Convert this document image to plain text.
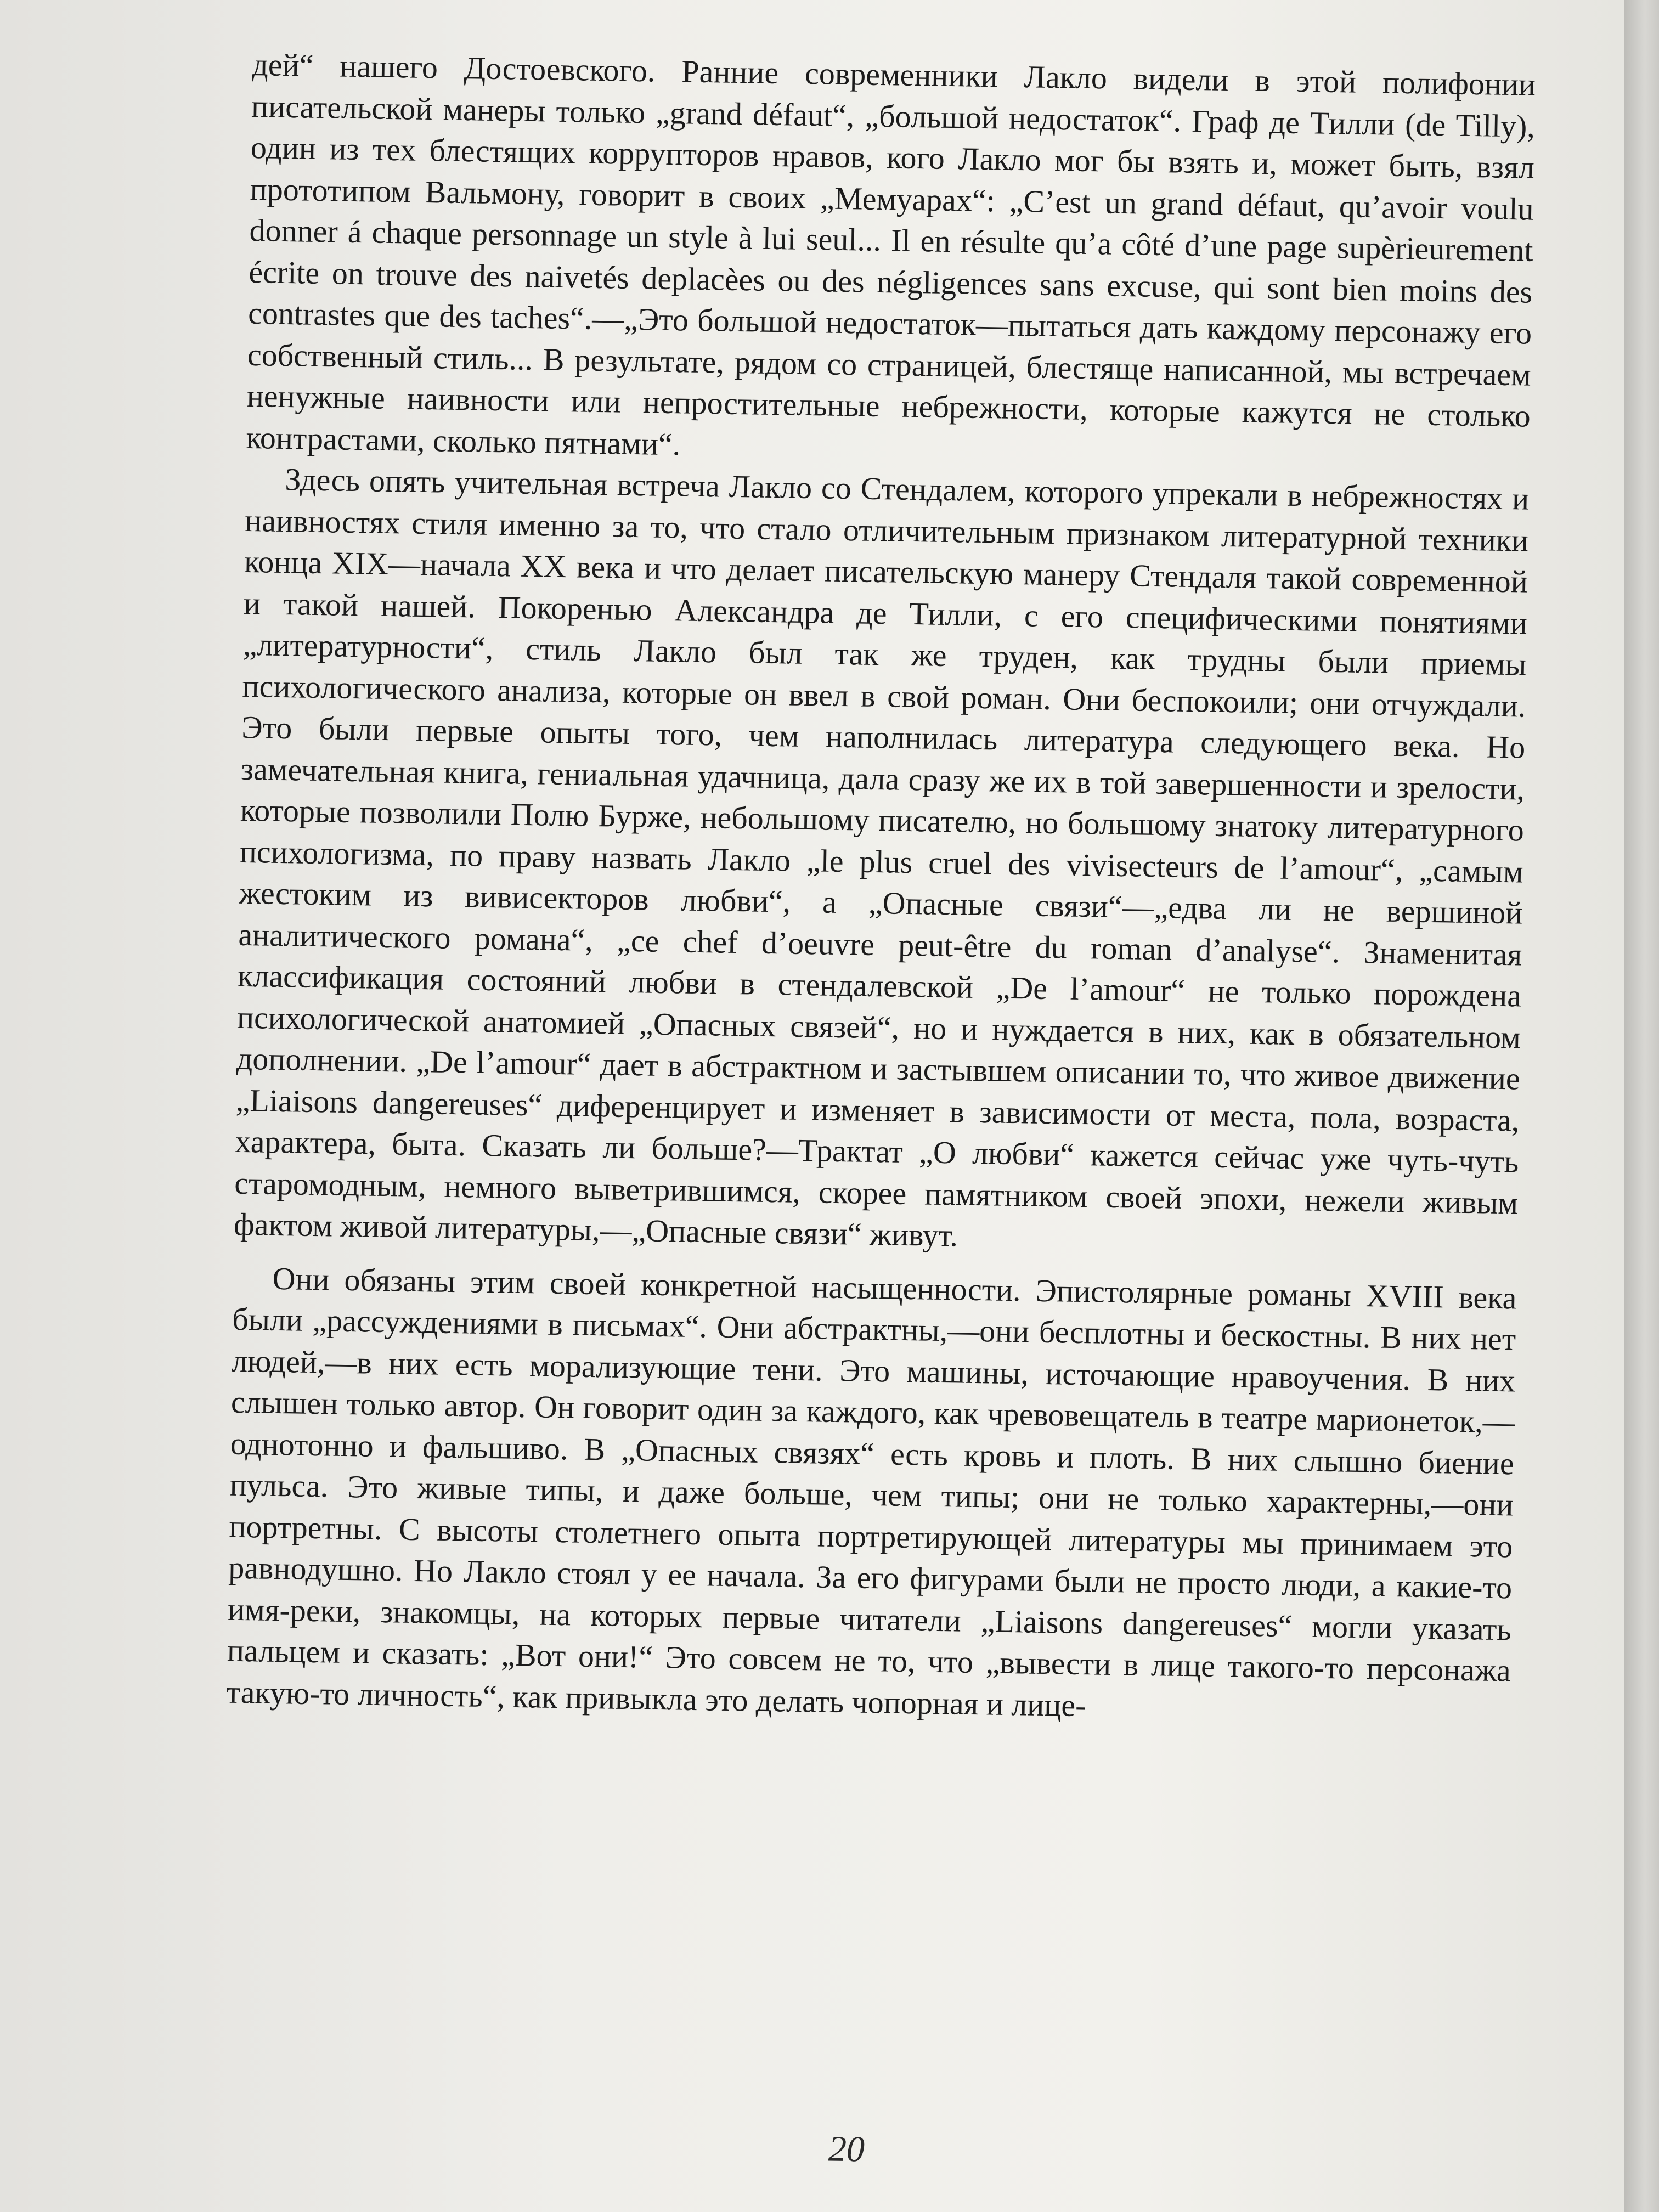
дей“ нашего Достоевского. Ранние современники Лакло видели в этой полифонии писательской манеры только „grand défaut“, „большой недостаток“. Граф де Тилли (de Tilly), один из тех блестящих коррупторов нравов, кого Лакло мог бы взять и, может быть, взял прототипом Вальмону, говорит в своих „Мемуарах“: „C’est un grand défaut, qu’avoir voulu donner á chaque personnage un style à lui seul... Il en résulte qu’a côté d’une page supèrieurement écrite on trouve des naivetés deplacèes ou des négligences sans excuse, qui sont bien moins des contrastes que des taches“.—„Это большой недостаток—пытаться дать каждому персонажу его собственный стиль... В результате, рядом со страницей, блестяще написанной, мы встречаем ненужные наивности или непростительные небрежности, которые кажутся не столько контрастами, сколько пятнами“.

Здесь опять учительная встреча Лакло со Стендалем, которого упрекали в небрежностях и наивностях стиля именно за то, что стало отличительным признаком литературной техники конца XIX—начала XX века и что делает писательскую манеру Стендаля такой современной и такой нашей. Покоренью Александра де Тилли, с его специфическими понятиями „литературности“, стиль Лакло был так же труден, как трудны были приемы психологического анализа, которые он ввел в свой роман. Они беспокоили; они отчуждали. Это были первые опыты того, чем наполнилась литература следующего века. Но замечательная книга, гениальная удачница, дала сразу же их в той завершенности и зрелости, которые позволили Полю Бурже, небольшому писателю, но большому знатоку литературного психологизма, по праву назвать Лакло „le plus cruel des vivisecteurs de l’amour“, „самым жестоким из вивисекторов любви“, а „Опасные связи“—„едва ли не вершиной аналитического романа“, „ce chef d’oeuvre peut-être du roman d’analyse“. Знаменитая классификация состояний любви в стендалевской „De l’amour“ не только порождена психологической анатомией „Опасных связей“, но и нуждается в них, как в обязательном дополнении. „De l’amour“ дает в абстрактном и застывшем описании то, что живое движение „Liaisons dangereuses“ диференцирует и изменяет в зависимости от места, пола, возраста, характера, быта. Сказать ли больше?—Трактат „О любви“ кажется сейчас уже чуть-чуть старомодным, немного выветрившимся, скорее памятником своей эпохи, нежели живым фактом живой литературы,—„Опасные связи“ живут.

Они обязаны этим своей конкретной насыщенности. Эпистолярные романы XVIII века были „рассуждениями в письмах“. Они абстрактны,—они бесплотны и бескостны. В них нет людей,—в них есть морализующие тени. Это машины, источающие нравоучения. В них слышен только автор. Он говорит один за каждого, как чревовещатель в театре марионеток,—однотонно и фальшиво. В „Опасных связях“ есть кровь и плоть. В них слышно биение пульса. Это живые типы, и даже больше, чем типы; они не только характерны,—они портретны. С высоты столетнего опыта портретирующей литературы мы принимаем это равнодушно. Но Лакло стоял у ее начала. За его фигурами были не просто люди, а какие-то имя-реки, знакомцы, на которых первые читатели „Liaisons dangereuses“ могли указать пальцем и сказать: „Вот они!“ Это совсем не то, что „вывести в лице такого-то персонажа такую-то личность“, как привыкла это делать чопорная и лице-

20
